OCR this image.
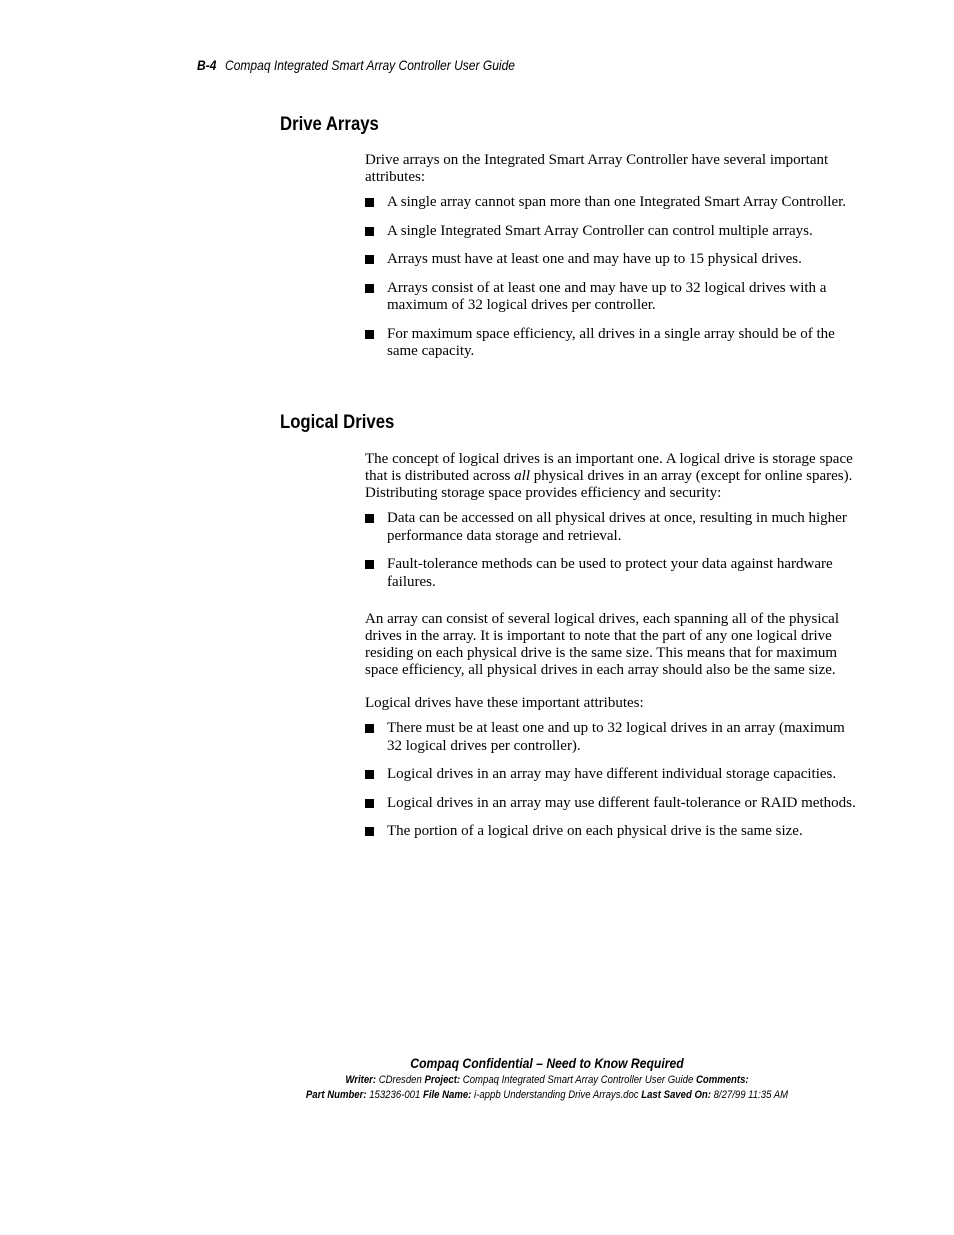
B-4 Compaq Integrated Smart Array Controller User Guide
Drive Arrays

Drive arrays on the Integrated Smart Array Controller have several important attributes:

A single array cannot span more than one Integrated Smart Array Controller.
A single Integrated Smart Array Controller can control multiple arrays.
Arrays must have at least one and may have up to 15 physical drives.
Arrays consist of at least one and may have up to 32 logical drives with a maximum of 32 logical drives per controller.
For maximum space efficiency, all drives in a single array should be of the same capacity.
Logical Drives

The concept of logical drives is an important one. A logical drive is storage space that is distributed across all physical drives in an array (except for online spares). Distributing storage space provides efficiency and security:

Data can be accessed on all physical drives at once, resulting in much higher performance data storage and retrieval.
Fault-tolerance methods can be used to protect your data against hardware failures.

An array can consist of several logical drives, each spanning all of the physical drives in the array. It is important to note that the part of any one logical drive residing on each physical drive is the same size. This means that for maximum space efficiency, all physical drives in each array should also be the same size.

Logical drives have these important attributes:

There must be at least one and up to 32 logical drives in an array (maximum 32 logical drives per controller).
Logical drives in an array may have different individual storage capacities.
Logical drives in an array may use different fault-tolerance or RAID methods.
The portion of a logical drive on each physical drive is the same size.
Compaq Confidential – Need to Know Required
Writer: CDresden Project: Compaq Integrated Smart Array Controller User Guide Comments:
Part Number: 153236-001 File Name: i-appb Understanding Drive Arrays.doc Last Saved On: 8/27/99 11:35 AM
